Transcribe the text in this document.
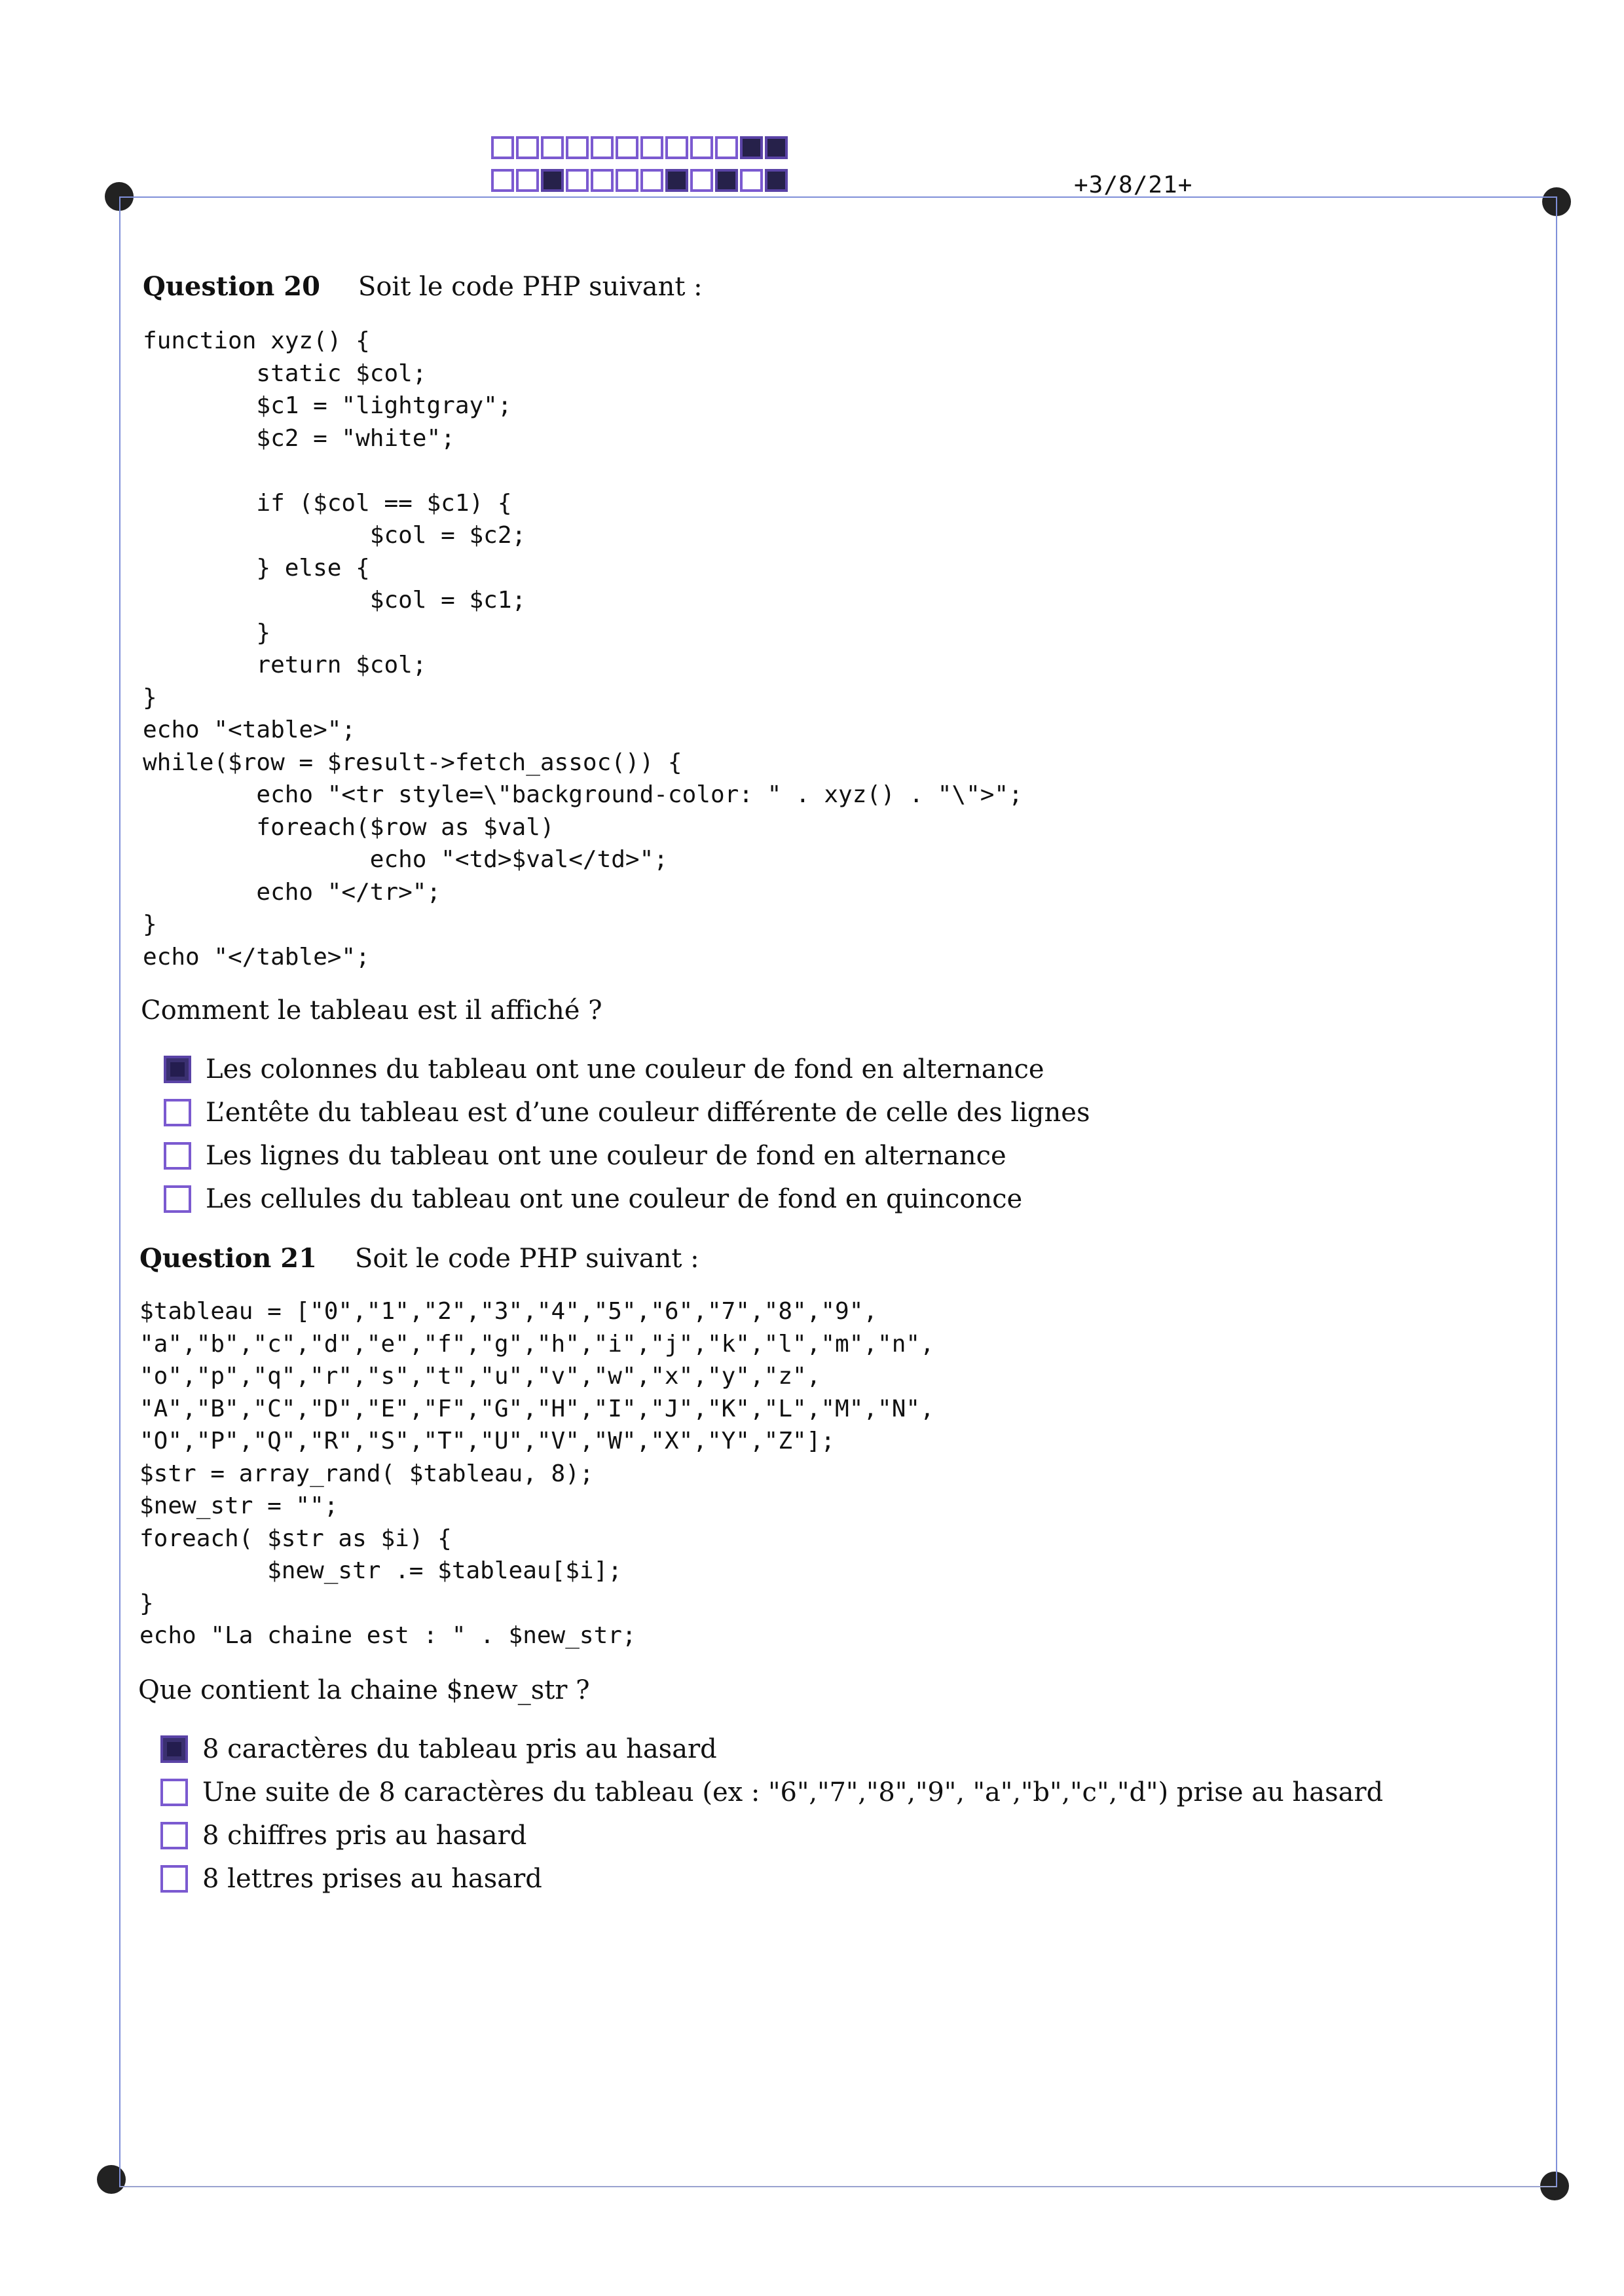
+3/8/21+
Question 20 Soit le code PHP suivant :
function xyz() {
static $col;
$c1 = "lightgray";
$c2 = "white";

if ($col == $c1) {
$col = $c2;
} else {
$col = $c1;
}
return $col;
}
echo "<table>";
while($row = $result->fetch_assoc()) {
echo "<tr style=\"background-color: " . xyz() . "\">";
foreach($row as $val)
echo "<td>$val</td>";
echo "</tr>";
}
echo "</table>";
Comment le tableau est il affiché ?
Les colonnes du tableau ont une couleur de fond en alternance
L’entête du tableau est d’une couleur différente de celle des lignes
Les lignes du tableau ont une couleur de fond en alternance
Les cellules du tableau ont une couleur de fond en quinconce
Question 21 Soit le code PHP suivant :
$tableau = ["0","1","2","3","4","5","6","7","8","9",
"a","b","c","d","e","f","g","h","i","j","k","l","m","n",
"o","p","q","r","s","t","u","v","w","x","y","z",
"A","B","C","D","E","F","G","H","I","J","K","L","M","N",
"O","P","Q","R","S","T","U","V","W","X","Y","Z"];
$str = array_rand( $tableau, 8);
$new_str = "";
foreach( $str as $i) {
$new_str .= $tableau[$i];
}
echo "La chaine est : " . $new_str;
Que contient la chaine $new_str ?
8 caractères du tableau pris au hasard
Une suite de 8 caractères du tableau (ex : "6","7","8","9", "a","b","c","d") prise au hasard
8 chiffres pris au hasard
8 lettres prises au hasard
